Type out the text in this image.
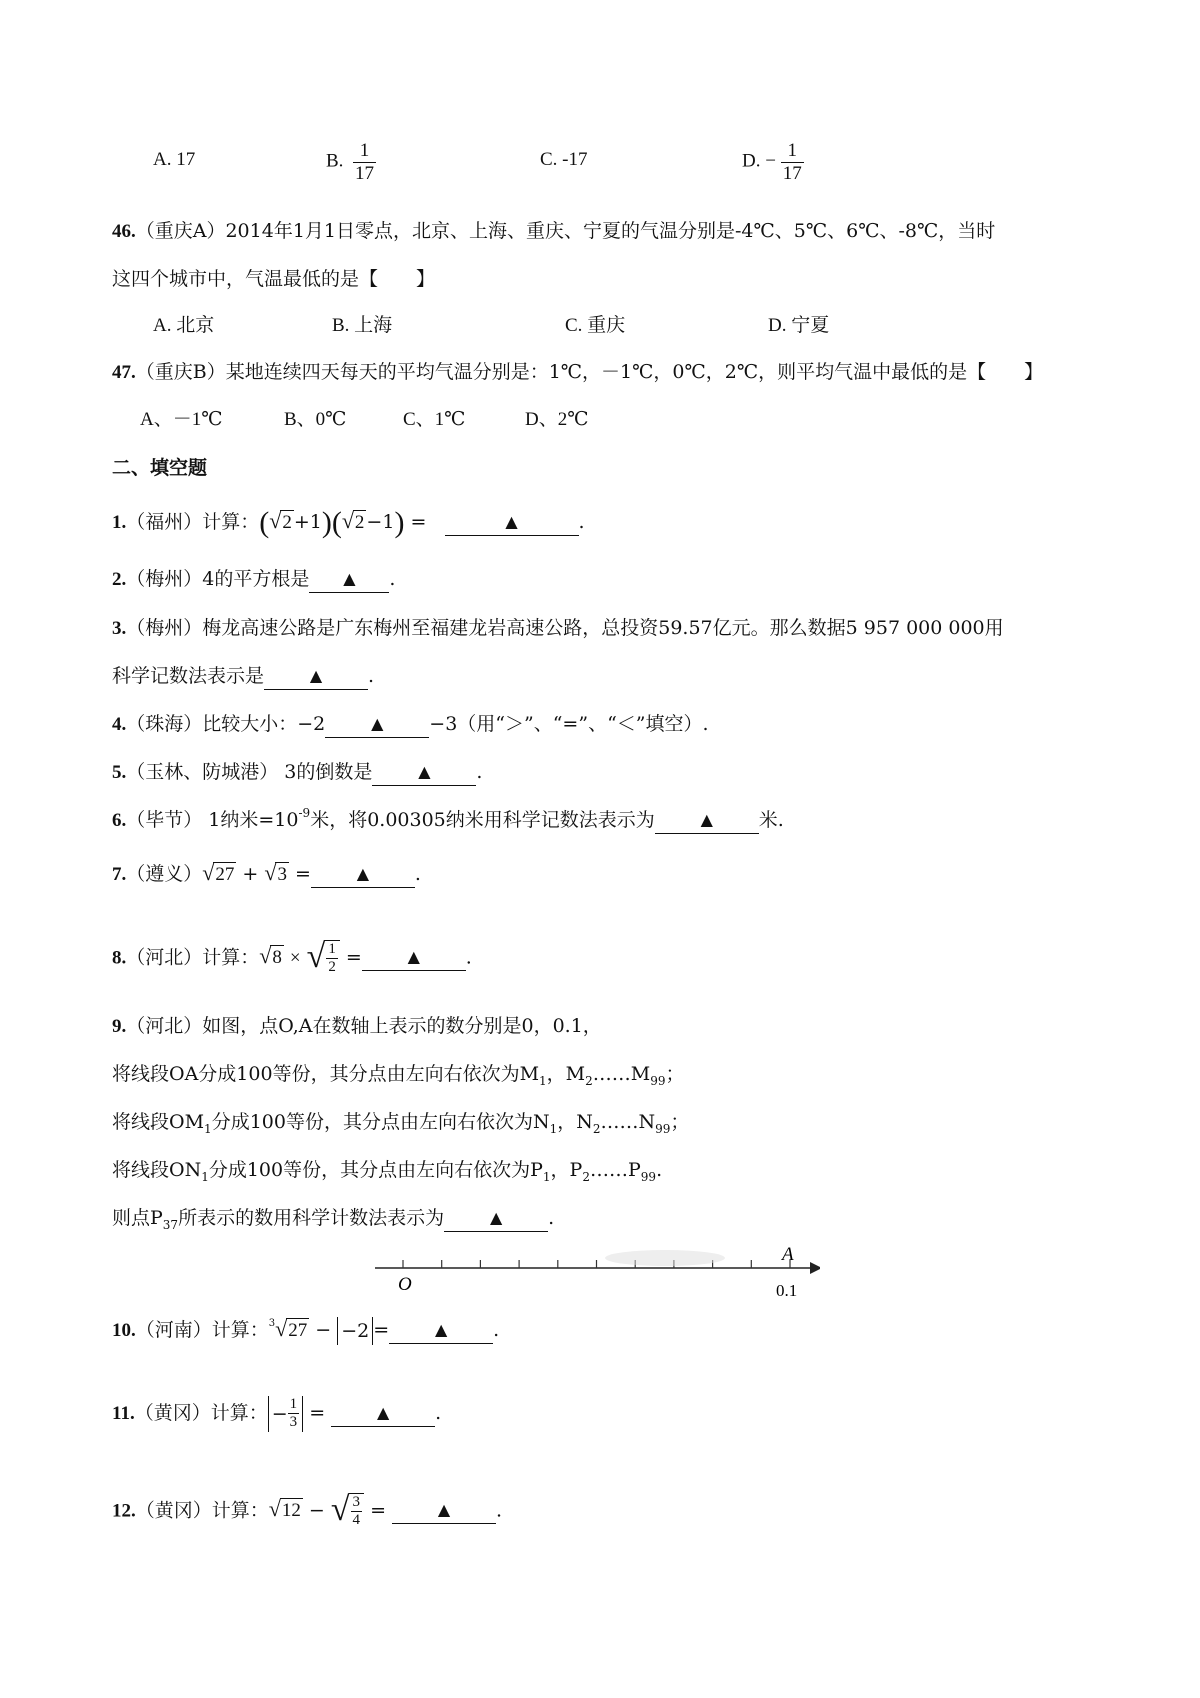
A. 17	B. $\frac{1}{17}$	C. -17	D. − $\frac{1}{17}$
46.（重庆A）2014年1月1日零点，北京、上海、重庆、宁夏的气温分别是-4℃、5℃、6℃、-8℃，当时
这四个城市中，气温最低的是【　　】
A. 北京	B. 上海	C. 重庆	D. 宁夏
47.（重庆B）某地连续四天每天的平均气温分别是：1℃，－1℃，0℃，2℃，则平均气温中最低的是【　　】
A、－1℃	B、0℃	C、1℃	D、2℃
二、填空题
1.（福州）计算：( √ 2 +1)( √ 2 −1) =	▲	.
2.（梅州）4的平方根是 ▲ .
3.（梅州）梅龙高速公路是广东梅州至福建龙岩高速公路，总投资59.57亿元。那么数据5 957 000 000用
科学记数法表示是	▲ .
4.（珠海）比较大小：−2	▲ −3（用“＞”、“=”、“＜”填空）.
5.（玉林、防城港） 3的倒数是	▲ .
6.（毕节） 1纳米$=10^{-9}$米，将0.00305纳米用科学记数法表示为	▲ 米.
7.（遵义） √ 27 + √ 3 =	▲ .
8.（河北）计算： √ 8 × √ $\frac{1}{2}$ =	▲ .
9.（河北）如图，点O,A在数轴上表示的数分别是0，0.1，
将线段OA分成100等份，其分点由左向右依次为$M_1$，$M_2\dots\dots M_{99}$；
将线段$OM_1$分成100等份，其分点由左向右依次为$N_1$，$N_2\dots\dots N_{99}$；
将线段$ON_1$分成100等份，其分点由左向右依次为$P_1$，$P_2\dots\dots P_{99}$.
则点$P_{37}$所表示的数用科学计数法表示为	▲ .
O
A
0.1
10.（河南）计算：$^3$ √ 27 − −2 =	▲ .
11.（黄冈）计算： − $\frac{1}{3}$ =	▲ .
12.（黄冈）计算： √ 12 − √ $\frac{3}{4}$ =	▲ .
